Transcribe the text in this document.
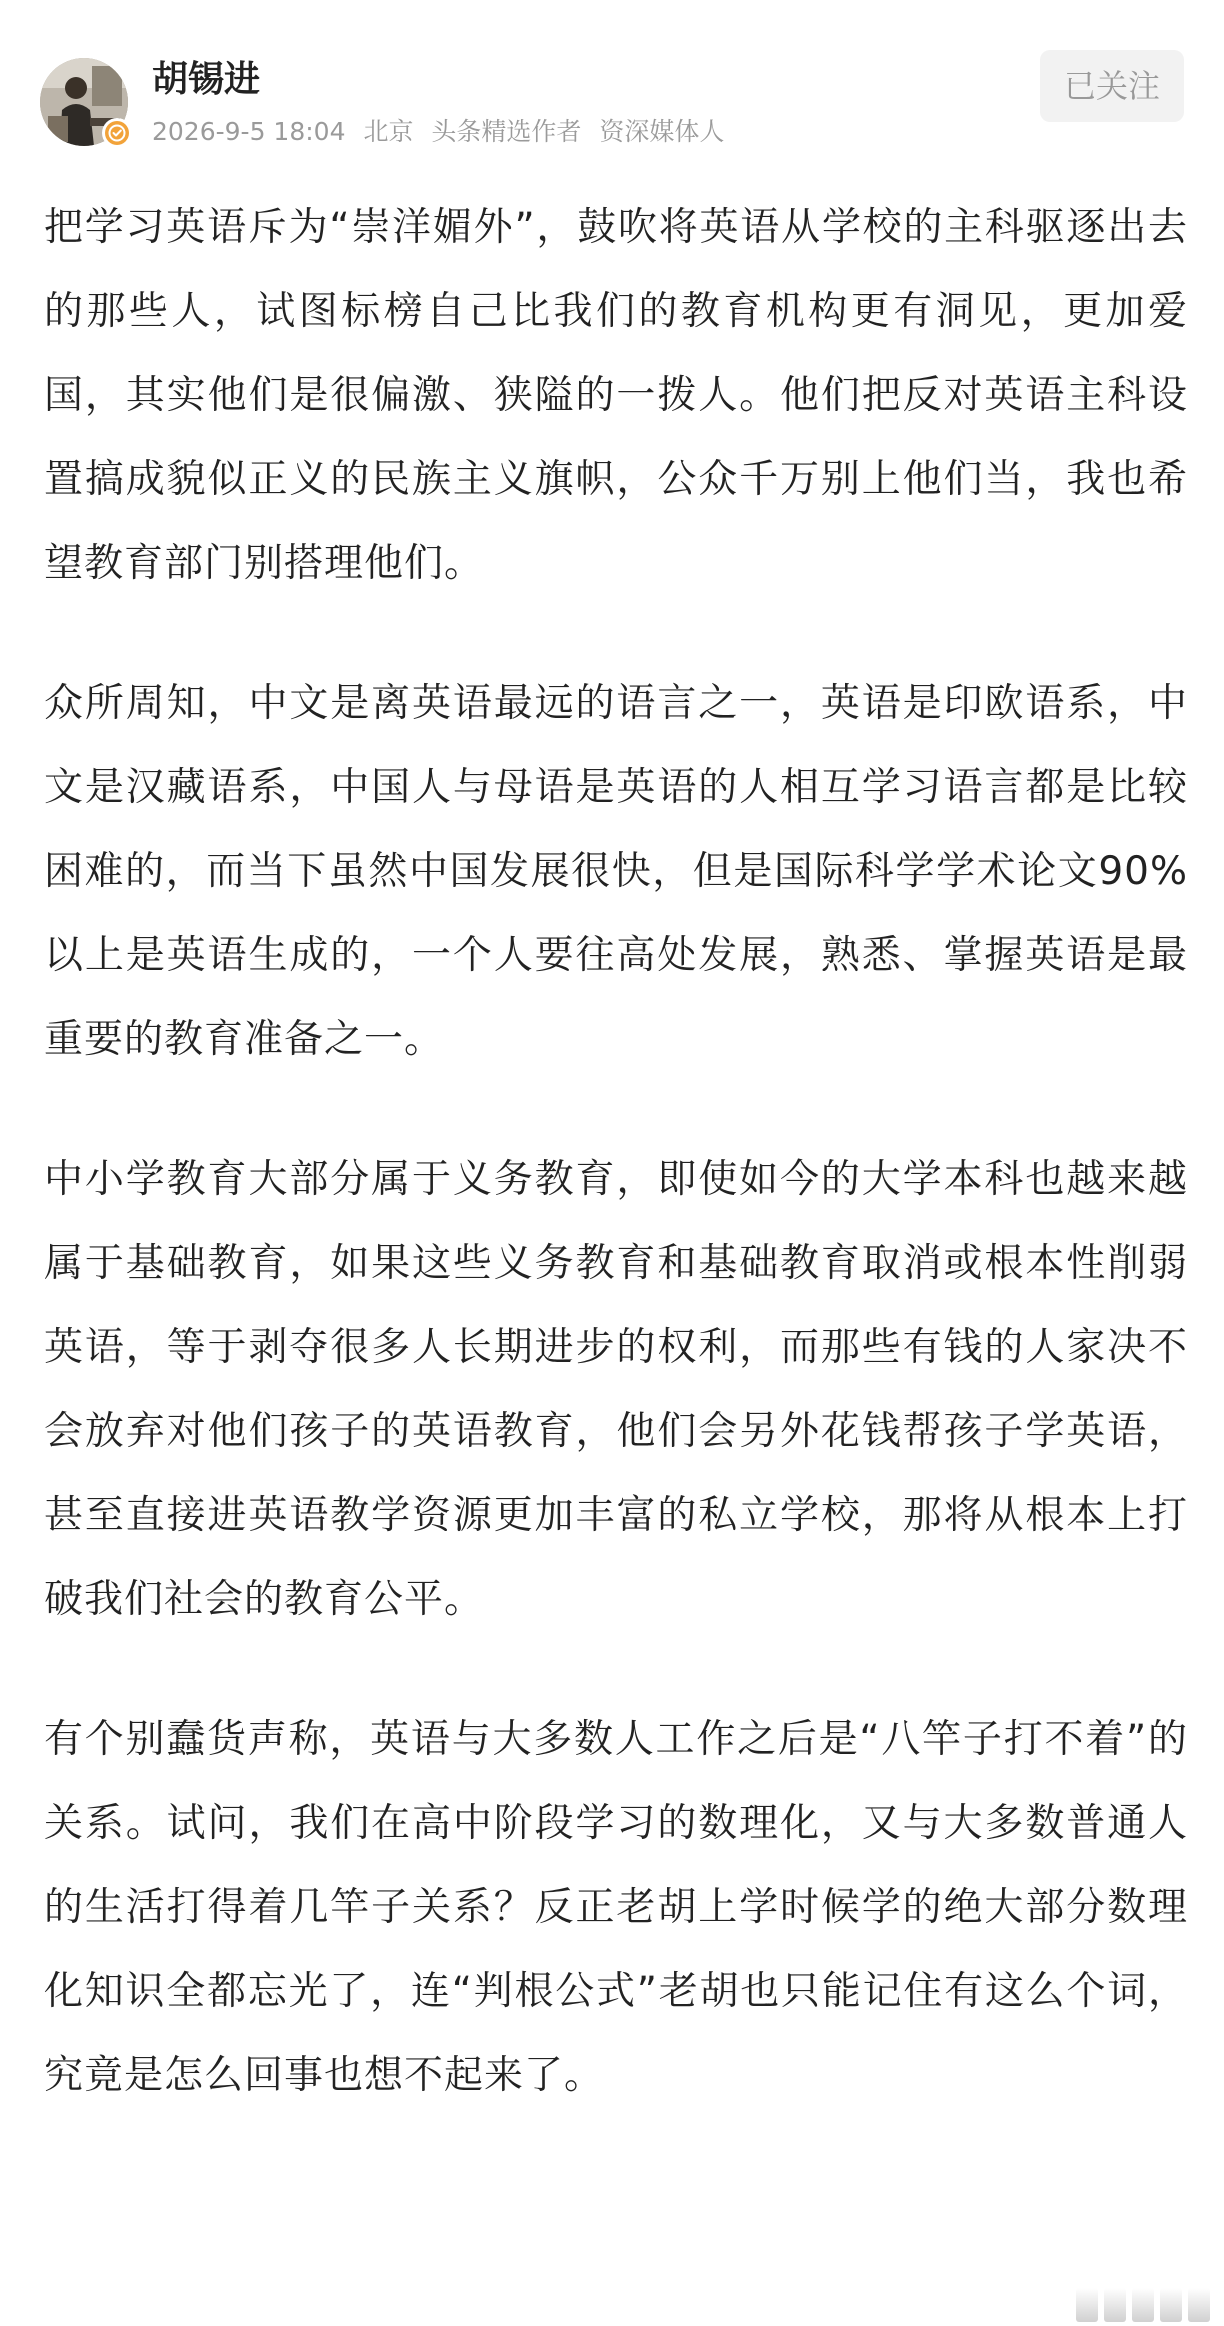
胡锡进
2026-9-5 18:04 北京 头条精选作者 资深媒体人
已关注

把学习英语斥为“崇洋媚外”，鼓吹将英语从学校的主科驱逐出去的那些人，试图标榜自己比我们的教育机构更有洞见，更加爱国，其实他们是很偏激、狭隘的一拨人。他们把反对英语主科设置搞成貌似正义的民族主义旗帜，公众千万别上他们当，我也希望教育部门别搭理他们。

众所周知，中文是离英语最远的语言之一，英语是印欧语系，中文是汉藏语系，中国人与母语是英语的人相互学习语言都是比较困难的，而当下虽然中国发展很快，但是国际科学学术论文90%以上是英语生成的，一个人要往高处发展，熟悉、掌握英语是最重要的教育准备之一。

中小学教育大部分属于义务教育，即使如今的大学本科也越来越属于基础教育，如果这些义务教育和基础教育取消或根本性削弱英语，等于剥夺很多人长期进步的权利，而那些有钱的人家决不会放弃对他们孩子的英语教育，他们会另外花钱帮孩子学英语，甚至直接进英语教学资源更加丰富的私立学校，那将从根本上打破我们社会的教育公平。

有个别蠢货声称，英语与大多数人工作之后是“八竿子打不着”的关系。试问，我们在高中阶段学习的数理化，又与大多数普通人的生活打得着几竿子关系？反正老胡上学时候学的绝大部分数理化知识全都忘光了，连“判根公式”老胡也只能记住有这么个词，究竟是怎么回事也想不起来了。
